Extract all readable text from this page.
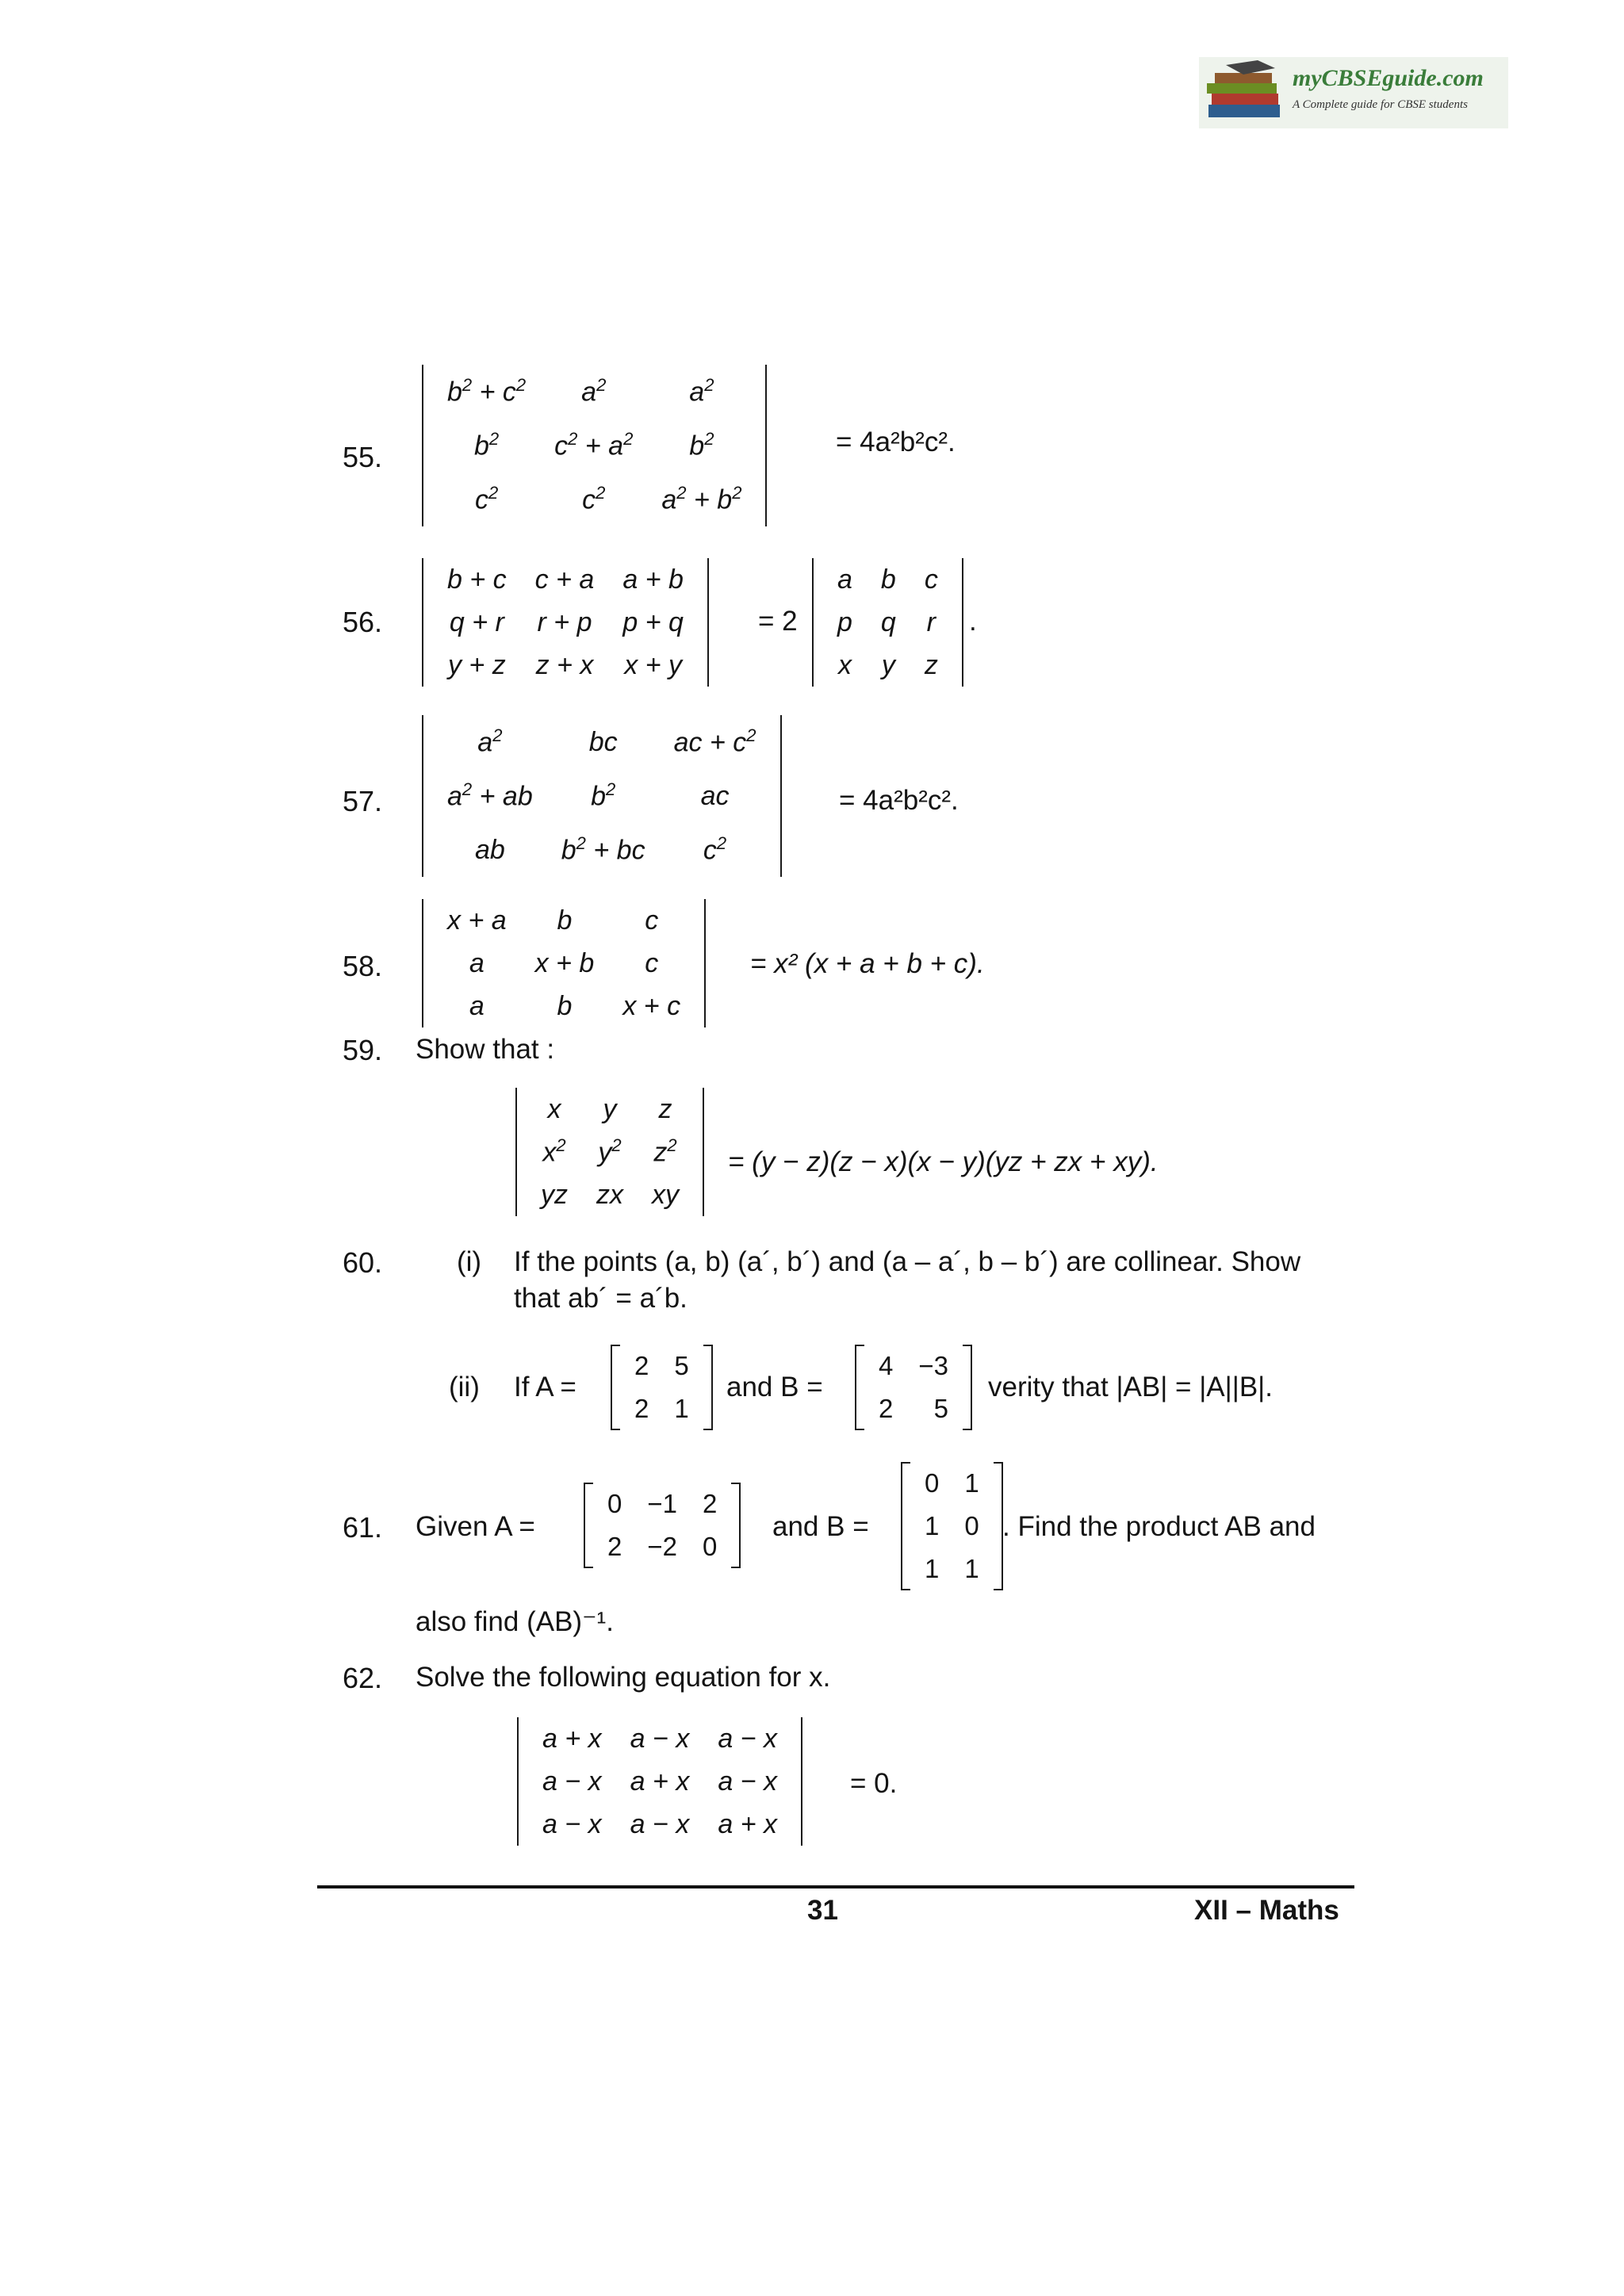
myCBSEguide.com
A Complete guide for CBSE students
55.
$b^2 + c^2$	$a^2$	$a^2$
$b^2$	$c^2 + a^2$	$b^2$
$c^2$	$c^2$	$a^2 + b^2$
= 4a²b²c².
56.
b + c	c + a	a + b
q + r	r + p	p + q
y + z	z + x	x + y
= 2
a	b	c
p	q	r
x	y	z
.
57.
$a^2$	bc	ac + $c^2$
$a^2$ + ab	$b^2$	ac
ab	$b^2$ + bc	$c^2$
= 4a²b²c².
58.
x + a	b	c
a	x + b	c
a	b	x + c
= x² (x + a + b + c).
59. Show that :
x	y	z
$x^2$	$y^2$	$z^2$
yz	zx	xy
= (y − z)(z − x)(x − y)(yz + zx + xy).
60.	(i) If the points (a, b) (a´, b´) and (a – a´, b – b´) are collinear. Show
that ab´ = a´b.
(ii) If A =
2	5
2	1
and B =
4	−3
2	5
verity that |AB| = |A||B|.
61. Given A =
0	−1	2
2	−2	0
and B =
0	1
1	0
1	1
. Find the product AB and
also find (AB)⁻¹.
62. Solve the following equation for x.
a + x	a − x	a − x
a − x	a + x	a − x
a − x	a − x	a + x
= 0.
31	XII – Maths
